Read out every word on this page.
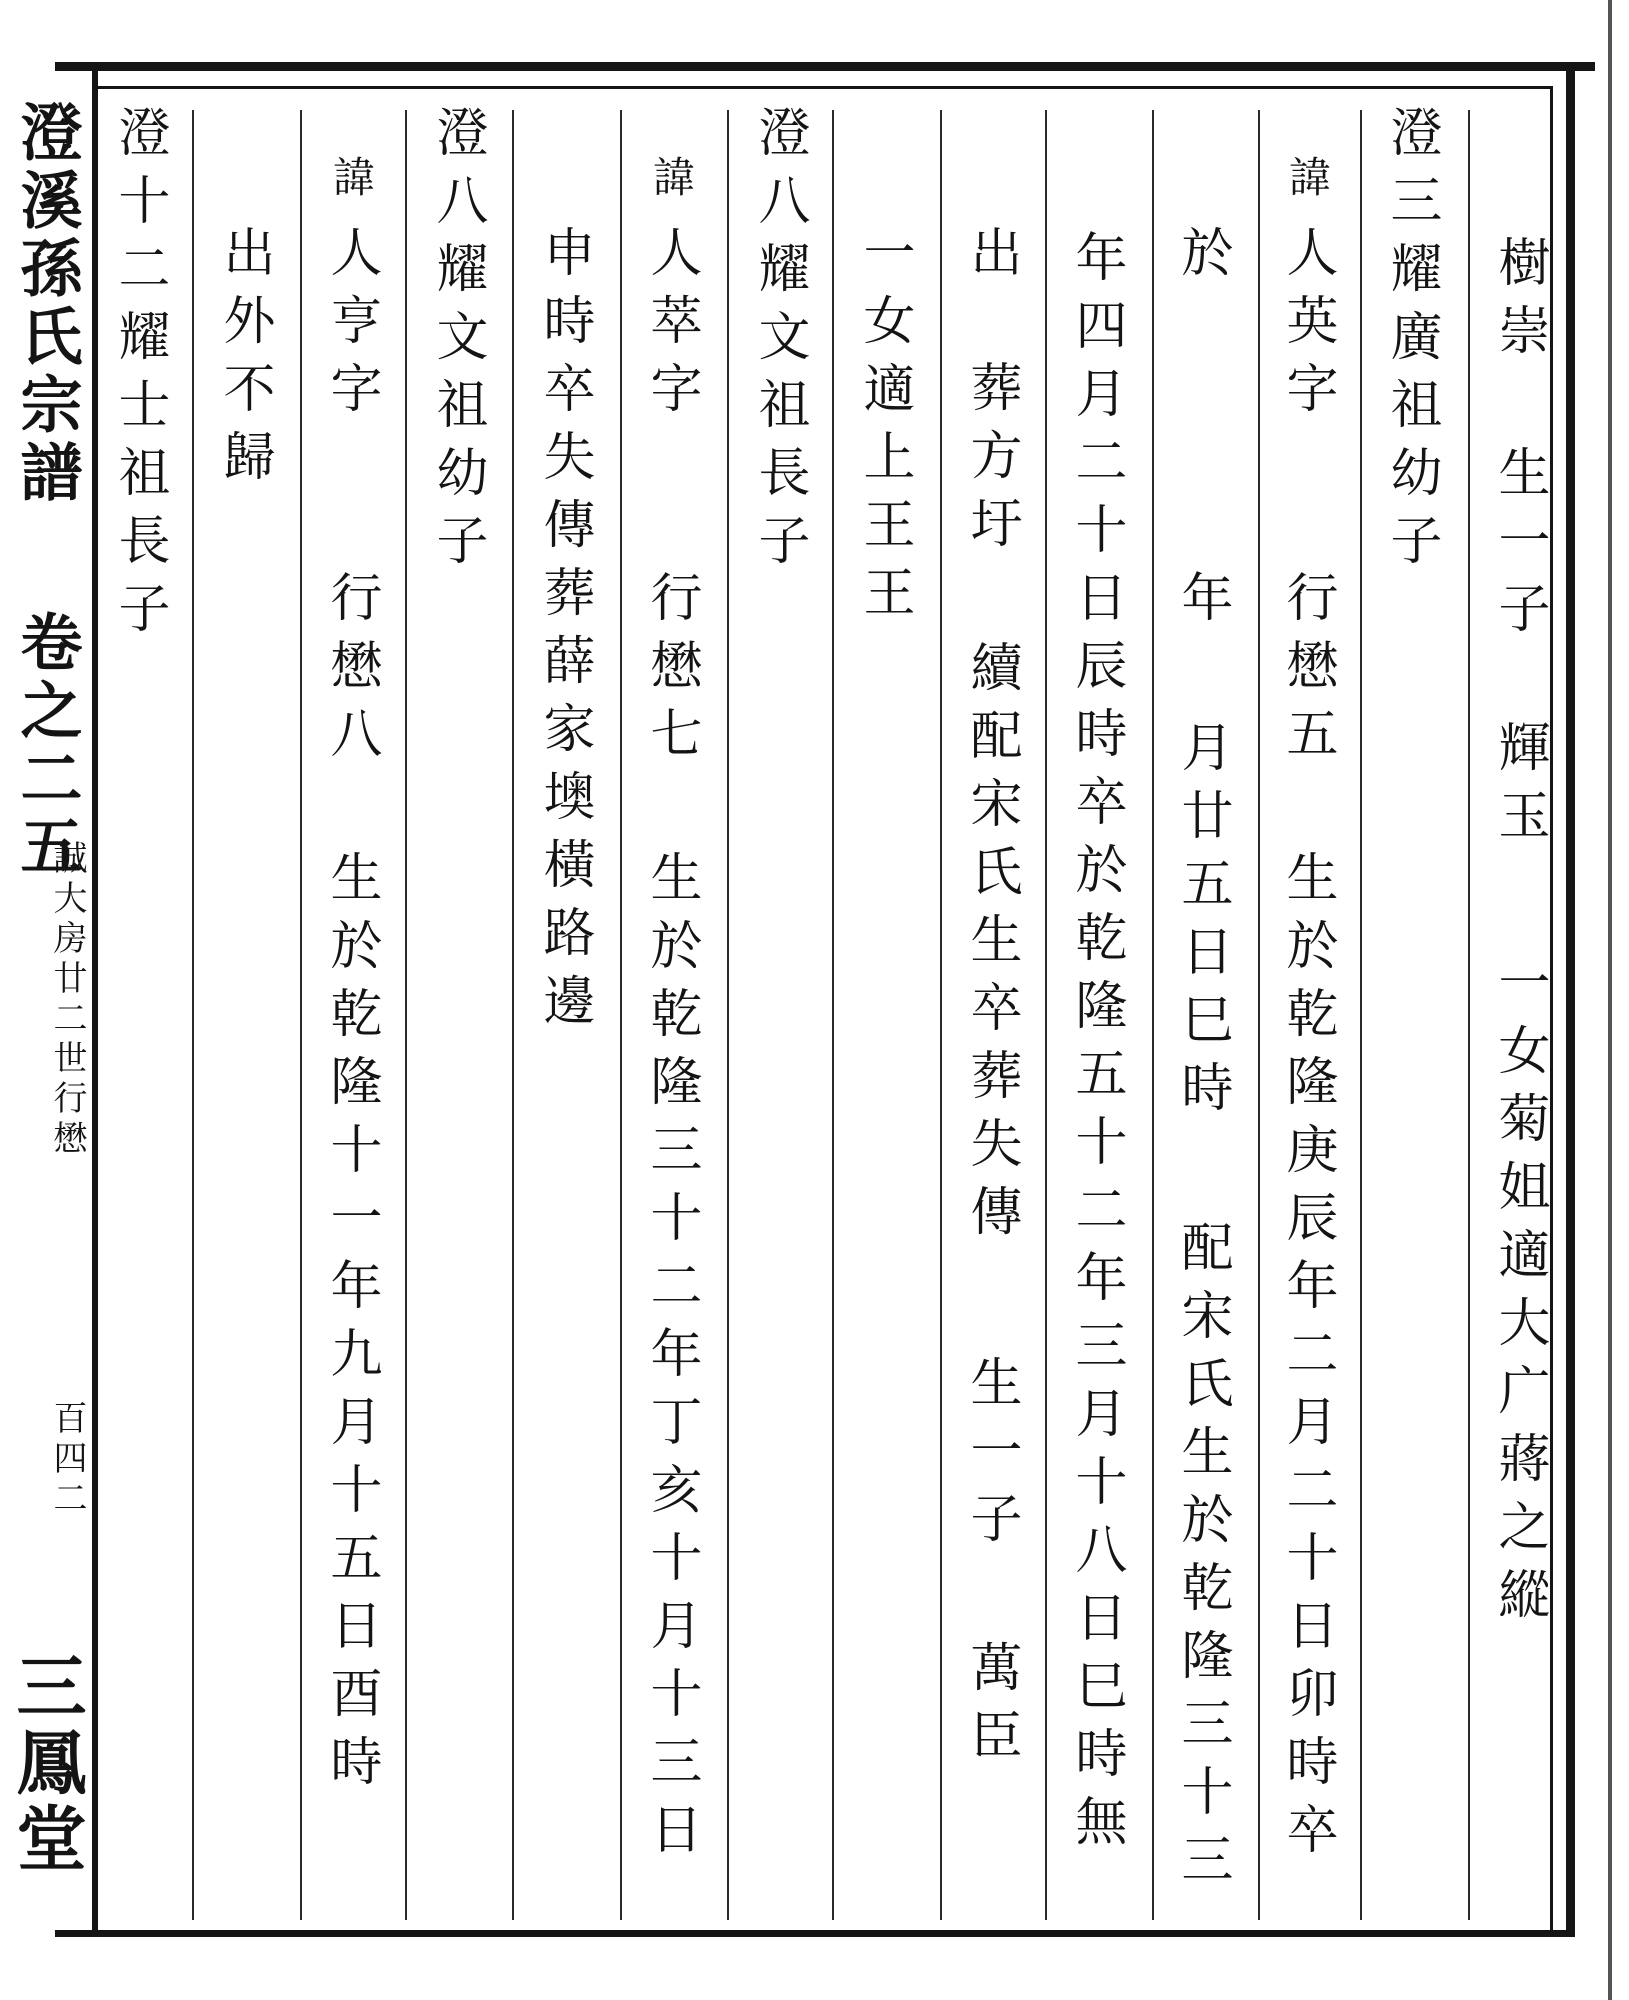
澄溪孫氏宗譜
卷之二五
誠大房廿二世行懋
百四二
三鳳堂
樹崇
生一子
輝玉
一女菊姐適大广蔣之縱
澄三耀廣祖幼子
諱
人英字
行懋五
生於乾隆庚辰年二月二十日卯時卒
於
年
月廿五日巳時
配宋氏生於乾隆三十三
年四月二十日辰時卒於乾隆五十二年三月十八日巳時無
出
葬方圩
續配宋氏生卒葬失傳
生一子
萬臣
一女適上王王
澄八耀文祖長子
諱
人萃字
行懋七
生於乾隆三十二年丁亥十月十三日
申時卒失傳葬薛家墺橫路邊
澄八耀文祖幼子
諱
人亨字
行懋八
生於乾隆十一年九月十五日酉時
出外不歸
澄十二耀士祖長子
